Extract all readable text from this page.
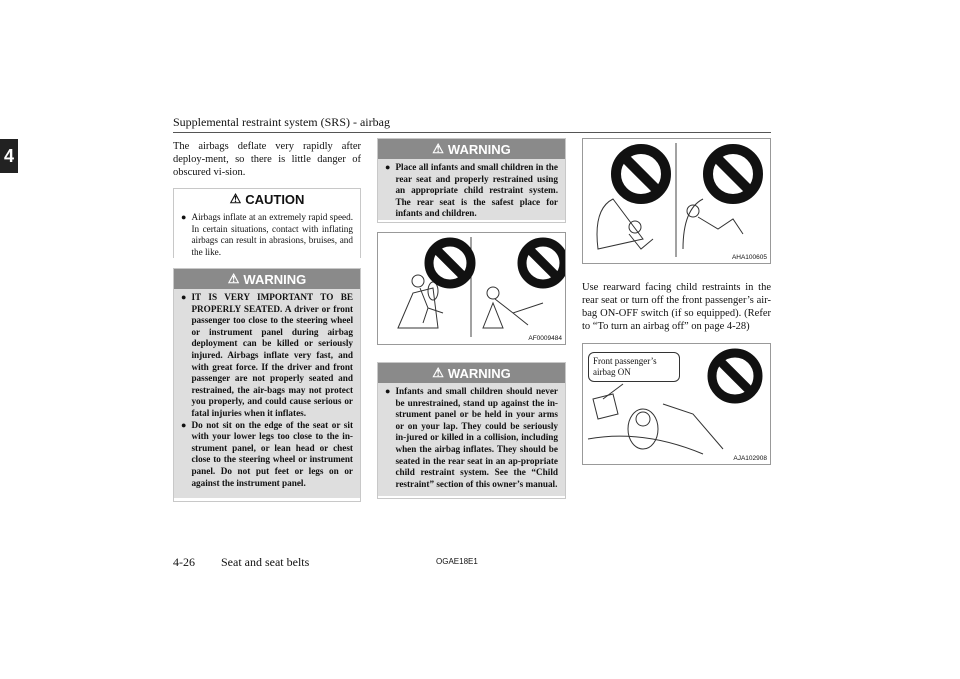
Supplemental restraint system (SRS) - airbag
4	The airbags deflate very rapidly after deploy-ment, so there is little danger of obscured vi-sion.
⚠ CAUTION
● Airbags inflate at an extremely rapid speed. In certain situations, contact with inflating airbags can result in abrasions, bruises, and the like.
⚠ WARNING
● IT IS VERY IMPORTANT TO BE PROPERLY SEATED. A driver or front passenger too close to the steering wheel or instrument panel during airbag deployment can be killed or seriously injured. Airbags inflate very fast, and with great force. If the driver and front passenger are not properly seated and restrained, the air-bags may not protect you properly, and could cause serious or fatal injuries when it inflates.
● Do not sit on the edge of the seat or sit with your lower legs too close to the in-strument panel, or lean head or chest close to the steering wheel or instrument panel. Do not put feet or legs on or against the instrument panel.
⚠ WARNING
● Place all infants and small children in the rear seat and properly restrained using an appropriate child restraint system. The rear seat is the safest place for infants and children.
AF0009484
⚠ WARNING
● Infants and small children should never be unrestrained, stand up against the in-strument panel or be held in your arms or on your lap. They could be seriously in-jured or killed in a collision, including when the airbag inflates. They should be seated in the rear seat in an ap-propriate child restraint system. See the “Child restraint” section of this owner’s manual.
AHA100605
Use rearward facing child restraints in the rear seat or turn off the front passenger’s air-bag ON-OFF switch (if so equipped). (Refer to “To turn an airbag off” on page 4-28)
Front passenger’s airbag ON
AJA102908
4-26 Seat and seat belts	OGAE18E1
